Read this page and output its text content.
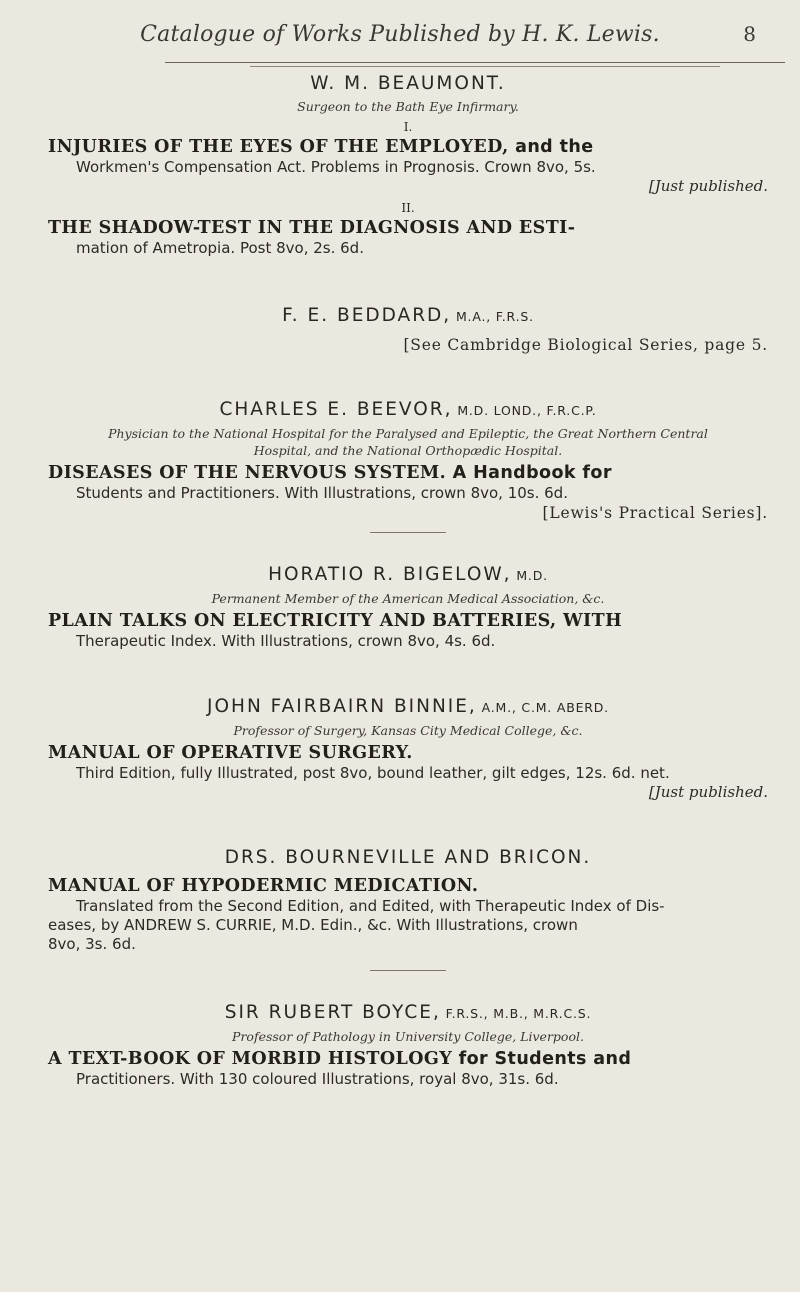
Catalogue of Works Published by H. K. Lewis.	8

W. M. BEAUMONT.

Surgeon to the Bath Eye Infirmary.

I.

INJURIES OF THE EYES OF THE EMPLOYED, and the

Workmen's Compensation Act. Problems in Prognosis. Crown 8vo, 5s.

[Just published.

II.

THE SHADOW-TEST IN THE DIAGNOSIS AND ESTI-

mation of Ametropia. Post 8vo, 2s. 6d.

F. E. BEDDARD, M.A., F.R.S.

[See Cambridge Biological Series, page 5.

CHARLES E. BEEVOR, M.D. LOND., F.R.C.P.

Physician to the National Hospital for the Paralysed and Epileptic, the Great Northern Central Hospital, and the National Orthopædic Hospital.

DISEASES OF THE NERVOUS SYSTEM. A Handbook for

Students and Practitioners. With Illustrations, crown 8vo, 10s. 6d.

[Lewis's Practical Series].

HORATIO R. BIGELOW, M.D.

Permanent Member of the American Medical Association, &c.

PLAIN TALKS ON ELECTRICITY AND BATTERIES, WITH

Therapeutic Index. With Illustrations, crown 8vo, 4s. 6d.

JOHN FAIRBAIRN BINNIE, A.M., C.M. ABERD.

Professor of Surgery, Kansas City Medical College, &c.

MANUAL OF OPERATIVE SURGERY.

Third Edition, fully Illustrated, post 8vo, bound leather, gilt edges, 12s. 6d. net.

[Just published.

DRS. BOURNEVILLE AND BRICON.

MANUAL OF HYPODERMIC MEDICATION.

Translated from the Second Edition, and Edited, with Therapeutic Index of Dis-

eases, by ANDREW S. CURRIE, M.D. Edin., &c. With Illustrations, crown

8vo, 3s. 6d.

SIR RUBERT BOYCE, F.R.S., M.B., M.R.C.S.

Professor of Pathology in University College, Liverpool.

A TEXT-BOOK OF MORBID HISTOLOGY for Students and

Practitioners. With 130 coloured Illustrations, royal 8vo, 31s. 6d.
